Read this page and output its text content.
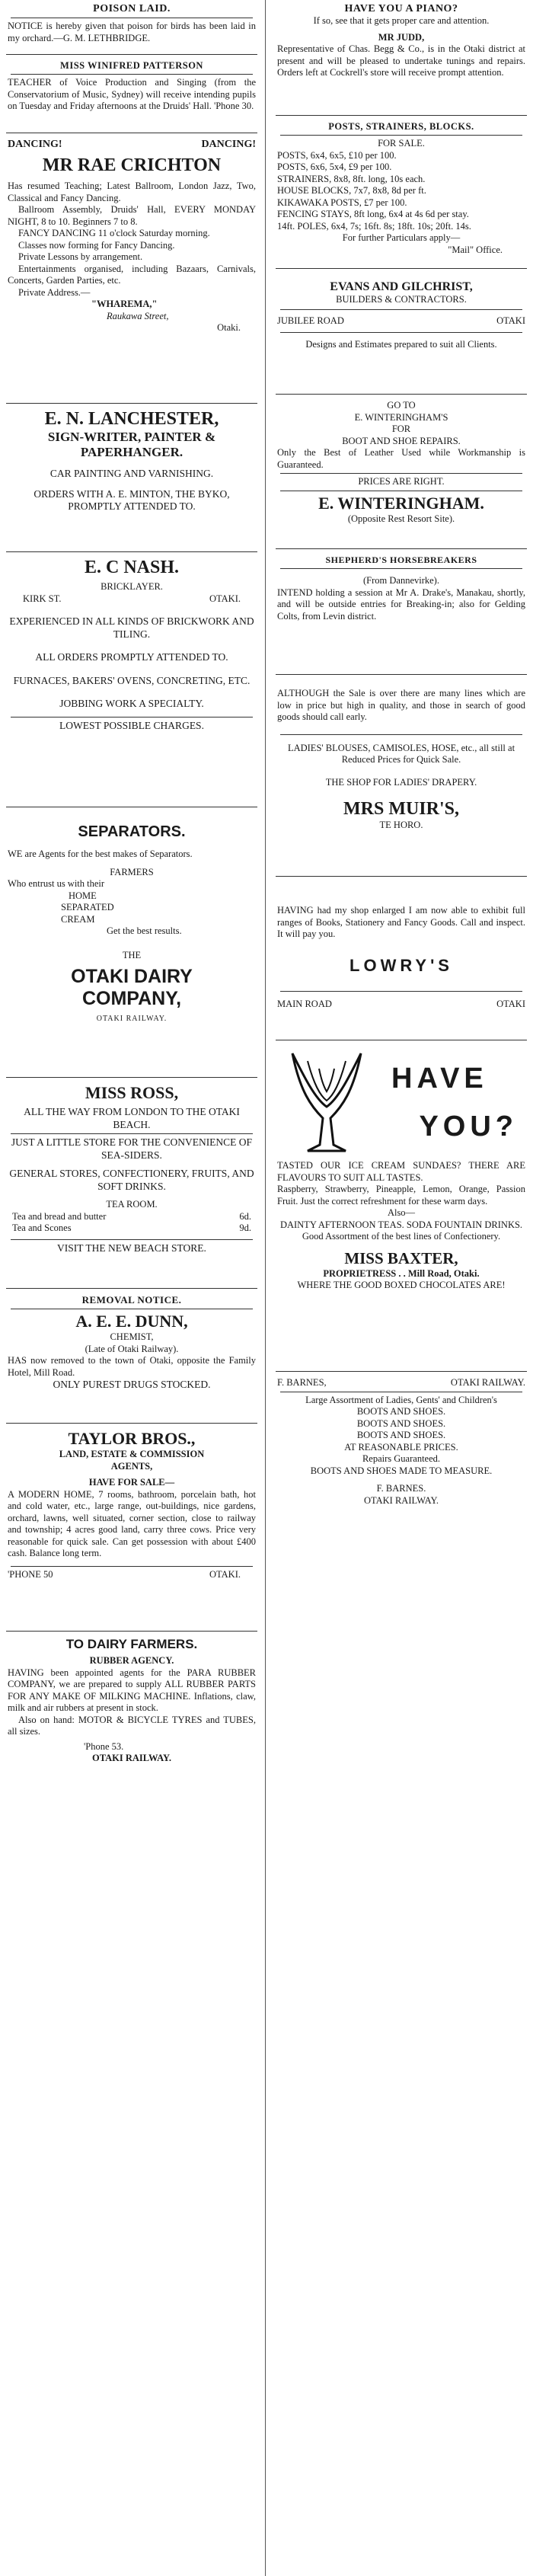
POISON LAID.
NOTICE is hereby given that poison for birds has been laid in my orchard.—G. M. LETHBRIDGE.
MISS WINIFRED PATTERSON
TEACHER of Voice Production and Singing (from the Conservatorium of Music, Sydney) will receive intending pupils on Tuesday and Friday afternoons at the Druids' Hall. 'Phone 30.
DANCING!	DANCING!
MR RAE CRICHTON
Has resumed Teaching; Latest Ballroom, London Jazz, Two, Classical and Fancy Dancing.
Ballroom Assembly, Druids' Hall, EVERY MONDAY NIGHT, 8 to 10. Beginners 7 to 8.
FANCY DANCING 11 o'clock Saturday morning.
Classes now forming for Fancy Dancing.
Private Lessons by arrangement.
Entertainments organised, including Bazaars, Carnivals, Concerts, Garden Parties, etc.
Private Address.—
"WHAREMA,"
Raukawa Street,
Otaki.
E. N. LANCHESTER,
SIGN-WRITER, PAINTER &
PAPERHANGER.
CAR PAINTING AND VARNISHING.
ORDERS WITH A. E. MINTON, THE BYKO, PROMPTLY ATTENDED TO.
E. C NASH.
BRICKLAYER.
KIRK ST.	OTAKI.
EXPERIENCED IN ALL KINDS OF BRICKWORK AND TILING.
ALL ORDERS PROMPTLY ATTENDED TO.
FURNACES, BAKERS' OVENS, CONCRETING, ETC.
JOBBING WORK A SPECIALTY.
LOWEST POSSIBLE CHARGES.
SEPARATORS.
WE are Agents for the best makes of Separators.
FARMERS
Who entrust us with their
HOME
SEPARATED
CREAM
Get the best results.
THE
OTAKI DAIRY
COMPANY,
OTAKI RAILWAY.
MISS ROSS,
ALL THE WAY FROM LONDON TO THE OTAKI BEACH.
JUST A LITTLE STORE FOR THE CONVENIENCE OF SEA-SIDERS.
GENERAL STORES, CONFECTIONERY, FRUITS, AND SOFT DRINKS.
TEA ROOM.
Tea and bread and butter	6d.
Tea and Scones	9d.
VISIT THE NEW BEACH STORE.
REMOVAL NOTICE.
A. E. E. DUNN,
CHEMIST,
(Late of Otaki Railway).
HAS now removed to the town of Otaki, opposite the Family Hotel, Mill Road.
ONLY PUREST DRUGS STOCKED.
TAYLOR BROS.,
LAND, ESTATE & COMMISSION
AGENTS,
HAVE FOR SALE—
A MODERN HOME, 7 rooms, bathroom, porcelain bath, hot and cold water, etc., large range, out-buildings, nice gardens, orchard, lawns, well situated, corner section, close to railway and township; 4 acres good land, carry three cows. Price very reasonable for quick sale. Can get possession with about £400 cash. Balance long term.
'PHONE 50	OTAKI.
TO DAIRY FARMERS.
RUBBER AGENCY.
HAVING been appointed agents for the PARA RUBBER COMPANY, we are prepared to supply ALL RUBBER PARTS FOR ANY MAKE OF MILKING MACHINE. Inflations, claw, milk and air rubbers at present in stock.
Also on hand: MOTOR & BICYCLE TYRES and TUBES, all sizes.
'Phone 53.
OTAKI RAILWAY.
HAVE YOU A PIANO?
If so, see that it gets proper care and attention.
MR JUDD,
Representative of Chas. Begg & Co., is in the Otaki district at present and will be pleased to undertake tunings and repairs. Orders left at Cockrell's store will receive prompt attention.
POSTS, STRAINERS, BLOCKS.
FOR SALE.
POSTS, 6x4, 6x5, £10 per 100.
POSTS, 6x6, 5x4, £9 per 100.
STRAINERS, 8x8, 8ft. long, 10s each.
HOUSE BLOCKS, 7x7, 8x8, 8d per ft.
KIKAWAKA POSTS, £7 per 100.
FENCING STAYS, 8ft long, 6x4 at 4s 6d per stay.
14ft. POLES, 6x4, 7s; 16ft. 8s; 18ft. 10s; 20ft. 14s.
For further Particulars apply—
"Mail" Office.
EVANS AND GILCHRIST,
BUILDERS & CONTRACTORS.
JUBILEE ROAD	OTAKI
Designs and Estimates prepared to suit all Clients.
GO TO
E. WINTERINGHAM'S
FOR
BOOT AND SHOE REPAIRS.
Only the Best of Leather Used while Workmanship is Guaranteed.
PRICES ARE RIGHT.
E. WINTERINGHAM.
(Opposite Rest Resort Site).
SHEPHERD'S HORSEBREAKERS
(From Dannevirke).
INTEND holding a session at Mr A. Drake's, Manakau, shortly, and will be outside entries for Breaking-in; also for Gelding Colts, from Levin district.
ALTHOUGH the Sale is over there are many lines which are low in price but high in quality, and those in search of good goods should call early.
LADIES' BLOUSES, CAMISOLES, HOSE, etc., all still at Reduced Prices for Quick Sale.
THE SHOP FOR LADIES' DRAPERY.
MRS MUIR'S,
TE HORO.
HAVING had my shop enlarged I am now able to exhibit full ranges of Books, Stationery and Fancy Goods. Call and inspect. It will pay you.
LOWRY'S
MAIN ROAD	OTAKI
HAVE
YOU?
TASTED OUR ICE CREAM SUNDAES? THERE ARE FLAVOURS TO SUIT ALL TASTES.
Raspberry, Strawberry, Pineapple, Lemon, Orange, Passion Fruit. Just the correct refreshment for these warm days.
Also—
DAINTY AFTERNOON TEAS. SODA FOUNTAIN DRINKS.
Good Assortment of the best lines of Confectionery.
MISS BAXTER,
PROPRIETRESS . . Mill Road, Otaki.
WHERE THE GOOD BOXED CHOCOLATES ARE!
F. BARNES,	OTAKI RAILWAY.
Large Assortment of Ladies, Gents' and Children's
BOOTS AND SHOES.
BOOTS AND SHOES.
BOOTS AND SHOES.
AT REASONABLE PRICES.
Repairs Guaranteed.
BOOTS AND SHOES MADE TO MEASURE.
F. BARNES.
OTAKI RAILWAY.
